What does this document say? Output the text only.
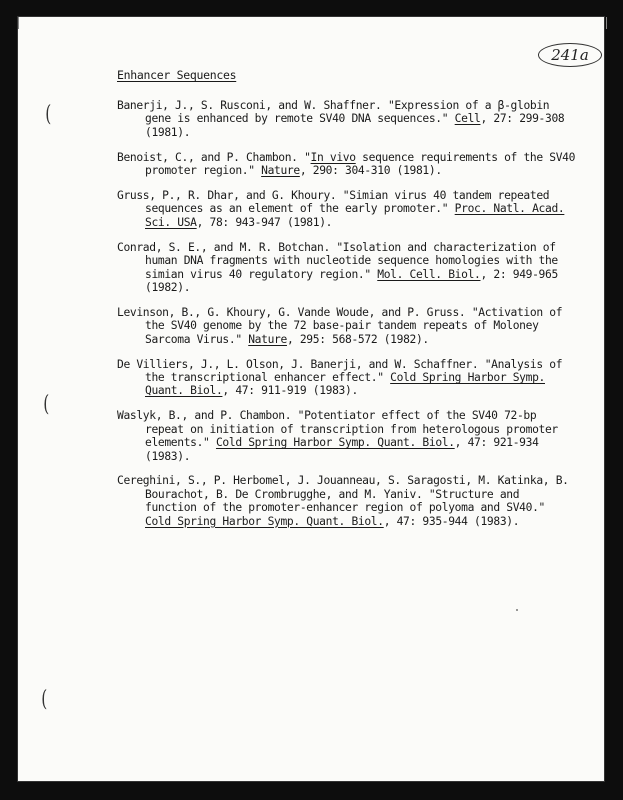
241a
Enhancer Sequences
Banerji, J., S. Rusconi, and W. Shaffner. "Expression of a β-globin gene is enhanced by remote SV40 DNA sequences." Cell, 27: 299-308 (1981).
Benoist, C., and P. Chambon. "In vivo sequence requirements of the SV40 promoter region." Nature, 290: 304-310 (1981).
Gruss, P., R. Dhar, and G. Khoury. "Simian virus 40 tandem repeated sequences as an element of the early promoter." Proc. Natl. Acad. Sci. USA, 78: 943-947 (1981).
Conrad, S. E., and M. R. Botchan. "Isolation and characterization of human DNA fragments with nucleotide sequence homologies with the simian virus 40 regulatory region." Mol. Cell. Biol., 2: 949-965 (1982).
Levinson, B., G. Khoury, G. Vande Woude, and P. Gruss. "Activation of the SV40 genome by the 72 base-pair tandem repeats of Moloney Sarcoma Virus." Nature, 295: 568-572 (1982).
De Villiers, J., L. Olson, J. Banerji, and W. Schaffner. "Analysis of the transcriptional enhancer effect." Cold Spring Harbor Symp. Quant. Biol., 47: 911-919 (1983).
Waslyk, B., and P. Chambon. "Potentiator effect of the SV40 72-bp repeat on initiation of transcription from heterologous promoter elements." Cold Spring Harbor Symp. Quant. Biol., 47: 921-934 (1983).
Cereghini, S., P. Herbomel, J. Jouanneau, S. Saragosti, M. Katinka, B. Bourachot, B. De Crombrugghe, and M. Yaniv. "Structure and function of the promoter-enhancer region of polyoma and SV40." Cold Spring Harbor Symp. Quant. Biol., 47: 935-944 (1983).
(
(
(
